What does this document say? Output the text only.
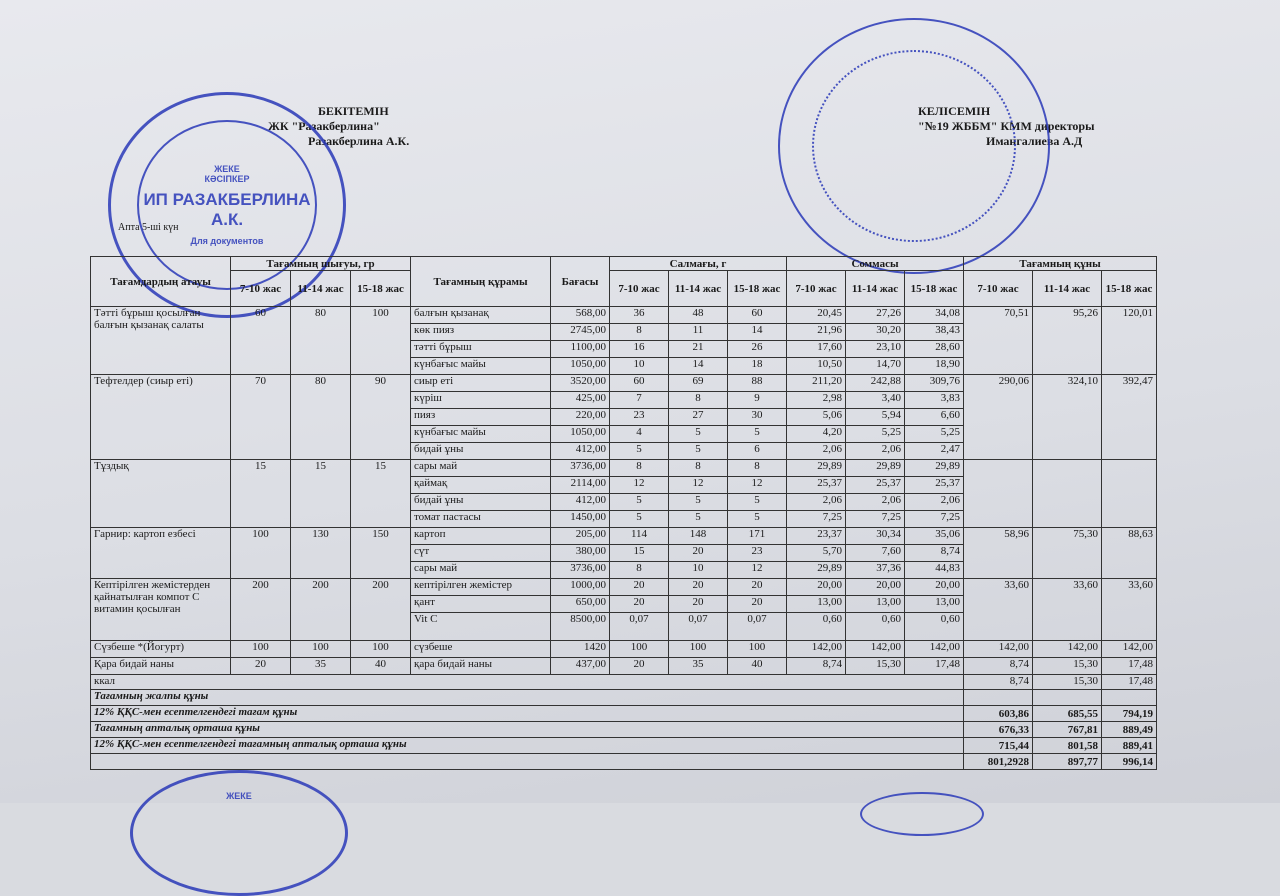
БЕКІТЕМІН
ЖК "Разакберлина"
Разакберлина А.К.
КЕЛІСЕМІН
"№19 ЖББМ" КММ директоры
Имангалиева А.Д
Апта 5-ші күн
ЖЕКЕ
КӘСІПКЕР
ИП РАЗАКБЕРЛИНА А.К.
Для документов
ЖЕКЕ
Тағамдардың атауы	Тағамның шығуы, гр			Тағамның құрамы	Бағасы	Салмағы, г			Соммасы			Тағамның құны		
	7-10 жас	11-14 жас	15-18 жас			7-10 жас	11-14 жас	15-18 жас	7-10 жас	11-14 жас	15-18 жас	7-10 жас	11-14 жас	15-18 жас
Тәтті бұрыш қосылған балғын қызанақ салаты	60	80	100	балғын қызанақ	568,00	36	48	60	20,45	27,26	34,08	70,51	95,26	120,01
				көк пияз	2745,00	8	11	14	21,96	30,20	38,43			
				тәтті бұрыш	1100,00	16	21	26	17,60	23,10	28,60			
				күнбағыс майы	1050,00	10	14	18	10,50	14,70	18,90			
Тефтелдер (сиыр еті)	70	80	90	сиыр еті	3520,00	60	69	88	211,20	242,88	309,76	290,06	324,10	392,47
				күріш	425,00	7	8	9	2,98	3,40	3,83			
				пияз	220,00	23	27	30	5,06	5,94	6,60			
				күнбағыс майы	1050,00	4	5	5	4,20	5,25	5,25			
				бидай ұны	412,00	5	5	6	2,06	2,06	2,47			
Тұздық	15	15	15	сары май	3736,00	8	8	8	29,89	29,89	29,89			
				қаймақ	2114,00	12	12	12	25,37	25,37	25,37			
				бидай ұны	412,00	5	5	5	2,06	2,06	2,06			
				томат пастасы	1450,00	5	5	5	7,25	7,25	7,25			
Гарнир: картоп езбесі	100	130	150	картоп	205,00	114	148	171	23,37	30,34	35,06	58,96	75,30	88,63
				сүт	380,00	15	20	23	5,70	7,60	8,74			
				сары май	3736,00	8	10	12	29,89	37,36	44,83			
Кептірілген жемістерден қайнатылған компот С витамин қосылған	200	200	200	кептірілген жемістер	1000,00	20	20	20	20,00	20,00	20,00	33,60	33,60	33,60
				қант	650,00	20	20	20	13,00	13,00	13,00			
				Vit C	8500,00	0,07	0,07	0,07	0,60	0,60	0,60			
Сүзбеше *(Йогурт)	100	100	100	сүзбеше	1420	100	100	100	142,00	142,00	142,00	142,00	142,00	142,00
Қара бидай наны	20	35	40	қара бидай наны	437,00	20	35	40	8,74	15,30	17,48	8,74	15,30	17,48
ккал												8,74	15,30	17,48
Тағамның жалпы құны														
12% ҚҚС-мен есептелгендегі тағам құны												603,86	685,55	794,19
Тағамның апталық орташа құны												676,33	767,81	889,49
12% ҚҚС-мен есептелгендегі тағамның апталық орташа құны												715,44	801,58	889,41
												801,2928	897,77	996,14
